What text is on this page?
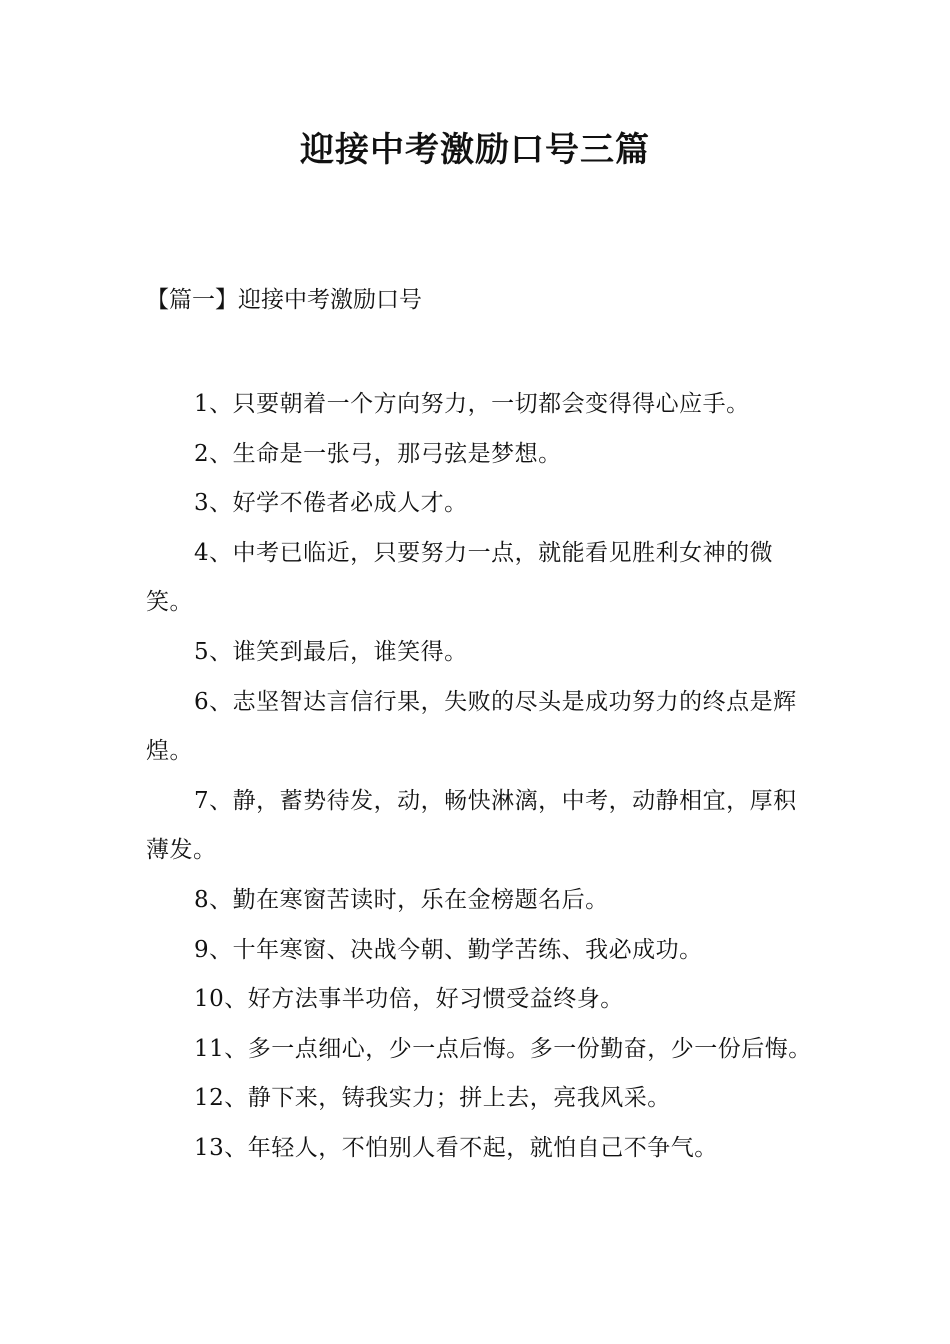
迎接中考激励口号三篇
【篇一】迎接中考激励口号

1、只要朝着一个方向努力，一切都会变得得心应手。

2、生命是一张弓，那弓弦是梦想。

3、好学不倦者必成人才。

4、中考已临近，只要努力一点，就能看见胜利女神的微笑。

5、谁笑到最后，谁笑得。

6、志坚智达言信行果，失败的尽头是成功努力的终点是辉煌。

7、静，蓄势待发，动，畅快淋漓，中考，动静相宜，厚积薄发。

8、勤在寒窗苦读时，乐在金榜题名后。

9、十年寒窗、决战今朝、勤学苦练、我必成功。

10、好方法事半功倍，好习惯受益终身。

11、多一点细心，少一点后悔。多一份勤奋，少一份后悔。

12、静下来，铸我实力；拼上去，亮我风采。

13、年轻人，不怕别人看不起，就怕自己不争气。
